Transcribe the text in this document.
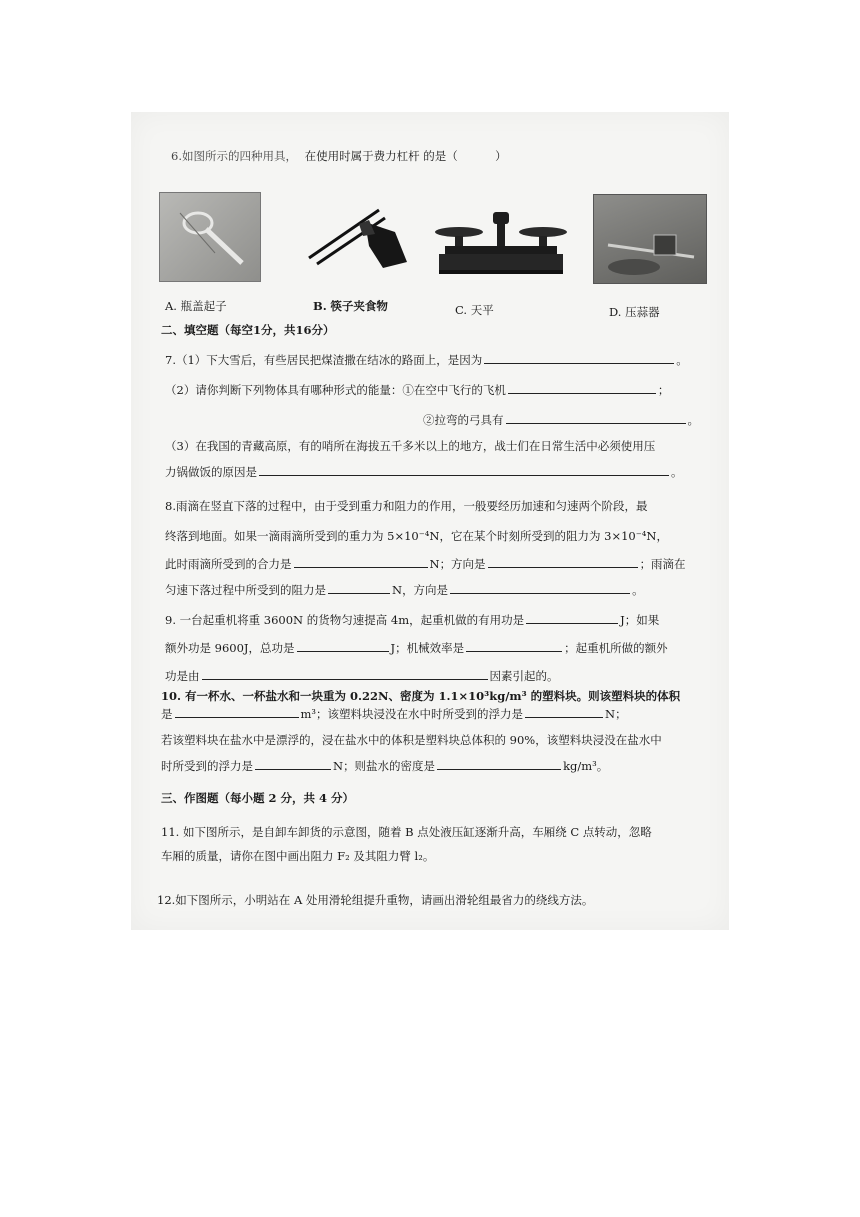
6.如图所示的四种用具， 在使用时属于费力杠杆 的是（	）
A. 瓶盖起子	B. 筷子夹食物	C. 天平	D. 压蒜器
二、填空题（每空1分，共16分）
7.（1）下大雪后，有些居民把煤渣撒在结冰的路面上，是因为	。
（2）请你判断下列物体具有哪种形式的能量：①在空中飞行的飞机	；
②拉弯的弓具有	。
（3）在我国的青藏高原，有的哨所在海拔五千多米以上的地方，战士们在日常生活中必须使用压
力锅做饭的原因是	。
8.雨滴在竖直下落的过程中，由于受到重力和阻力的作用，一般要经历加速和匀速两个阶段，最
终落到地面。如果一滴雨滴所受到的重力为 5×10⁻⁴N，它在某个时刻所受到的阻力为 3×10⁻⁴N，
此时雨滴所受到的合力是	N；方向是	；雨滴在
匀速下落过程中所受到的阻力是	N，方向是	。
9. 一台起重机将重 3600N 的货物匀速提高 4m，起重机做的有用功是	J；如果
额外功是 9600J，总功是	J；机械效率是	；起重机所做的额外
功是由	因素引起的。
10. 有一杯水、一杯盐水和一块重为 0.22N、密度为 1.1×10³kg/m³ 的塑料块。则该塑料块的体积
是	m³；该塑料块浸没在水中时所受到的浮力是	N；
若该塑料块在盐水中是漂浮的，浸在盐水中的体积是塑料块总体积的 90%，该塑料块浸没在盐水中
时所受到的浮力是	N；则盐水的密度是	kg/m³。
三、作图题（每小题 2 分，共 4 分）
11. 如下图所示，是自卸车卸货的示意图，随着 B 点处液压缸逐渐升高，车厢绕 C 点转动，忽略
车厢的质量，请你在图中画出阻力 F₂ 及其阻力臂 l₂。
12.如下图所示，小明站在 A 处用滑轮组提升重物，请画出滑轮组最省力的绕线方法。
